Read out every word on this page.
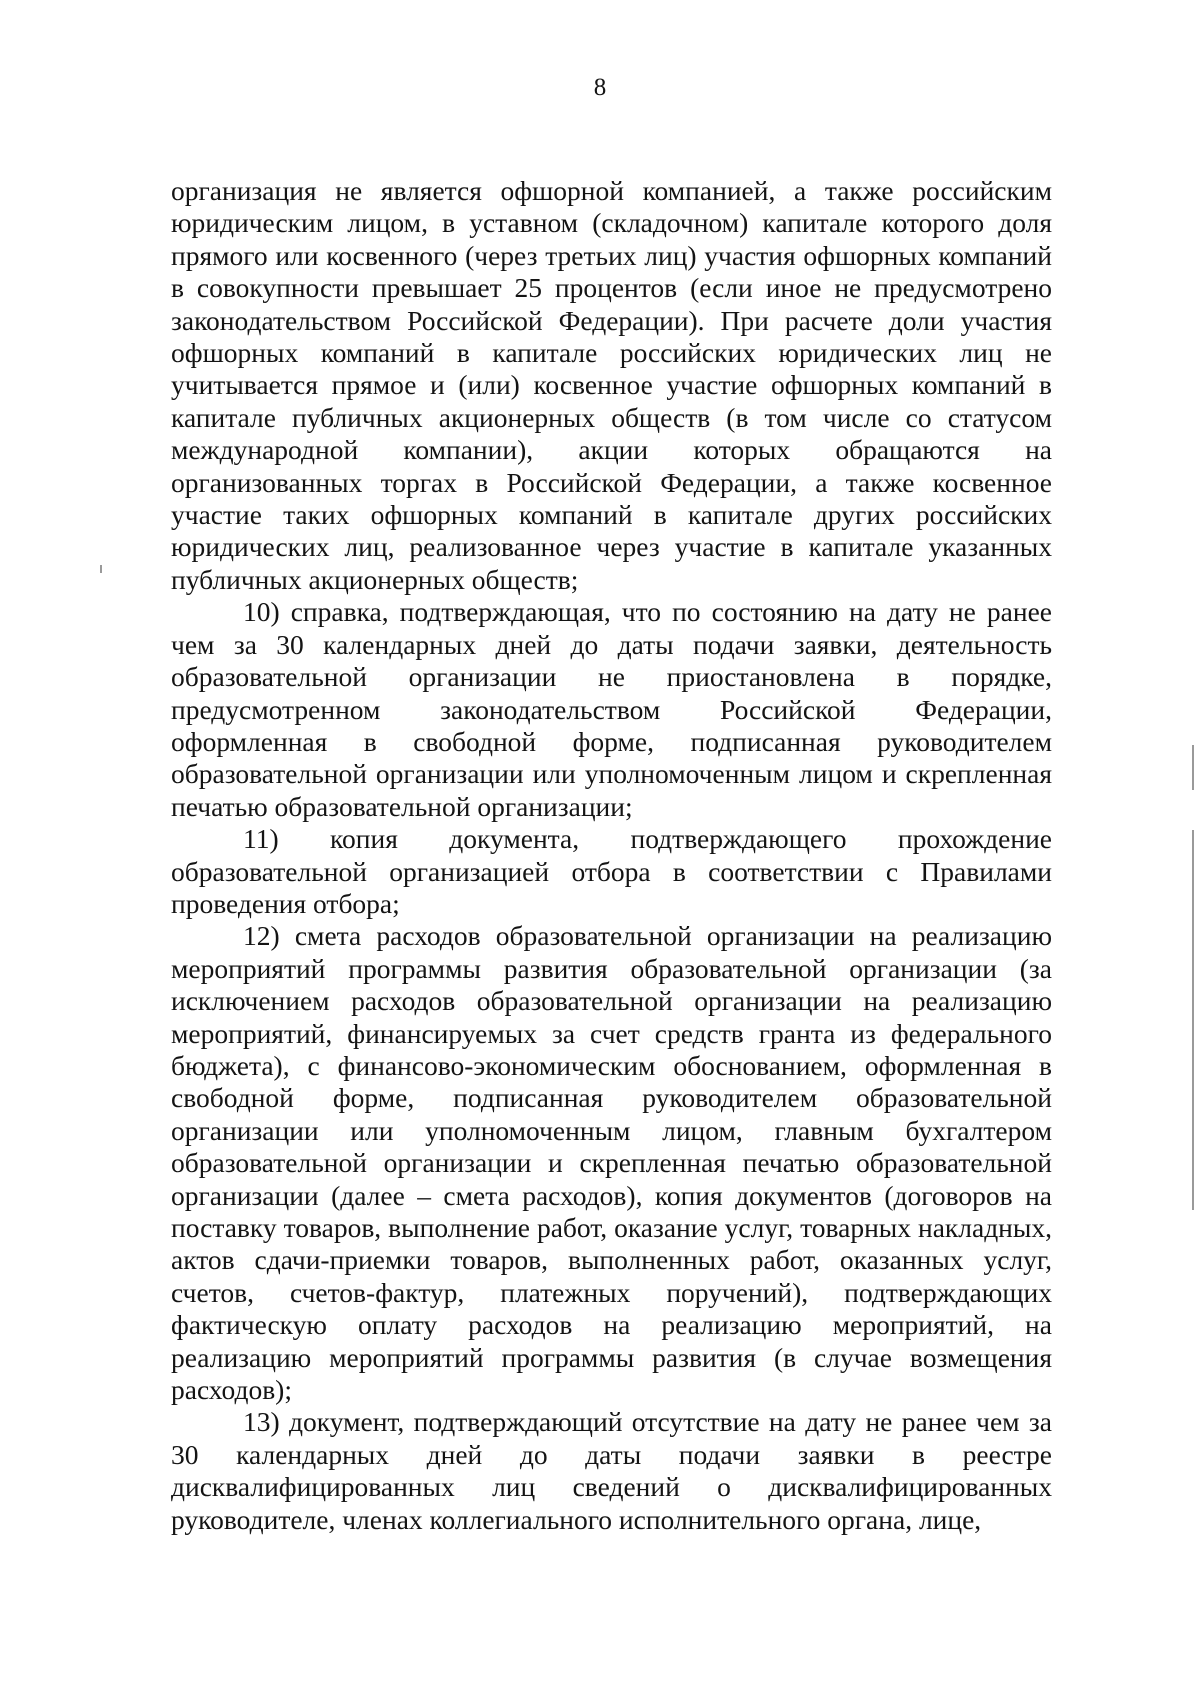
8

организация не является офшорной компанией, а также российским юридическим лицом, в уставном (складочном) капитале которого доля прямого или косвенного (через третьих лиц) участия офшорных компаний в совокупности превышает 25 процентов (если иное не предусмотрено законодательством Российской Федерации). При расчете доли участия офшорных компаний в капитале российских юридических лиц не учитывается прямое и (или) косвенное участие офшорных компаний в капитале публичных акционерных обществ (в том числе со статусом международной компании), акции которых обращаются на организованных торгах в Российской Федерации, а также косвенное участие таких офшорных компаний в капитале других российских юридических лиц, реализованное через участие в капитале указанных публичных акционерных обществ;

10) справка, подтверждающая, что по состоянию на дату не ранее чем за 30 календарных дней до даты подачи заявки, деятельность образовательной организации не приостановлена в порядке, предусмотренном законодательством Российской Федерации, оформленная в свободной форме, подписанная руководителем образовательной организации или уполномоченным лицом и скрепленная печатью образовательной организации;

11) копия документа, подтверждающего прохождение образовательной организацией отбора в соответствии с Правилами проведения отбора;

12) смета расходов образовательной организации на реализацию мероприятий программы развития образовательной организации (за исключением расходов образовательной организации на реализацию мероприятий, финансируемых за счет средств гранта из федерального бюджета), с финансово-экономическим обоснованием, оформленная в свободной форме, подписанная руководителем образовательной организации или уполномоченным лицом, главным бухгалтером образовательной организации и скрепленная печатью образовательной организации (далее – смета расходов), копия документов (договоров на поставку товаров, выполнение работ, оказание услуг, товарных накладных, актов сдачи-приемки товаров, выполненных работ, оказанных услуг, счетов, счетов-фактур, платежных поручений), подтверждающих фактическую оплату расходов на реализацию мероприятий, на реализацию мероприятий программы развития (в случае возмещения расходов);

13) документ, подтверждающий отсутствие на дату не ранее чем за 30 календарных дней до даты подачи заявки в реестре дисквалифицированных лиц сведений о дисквалифицированных руководителе, членах коллегиального исполнительного органа, лице,
